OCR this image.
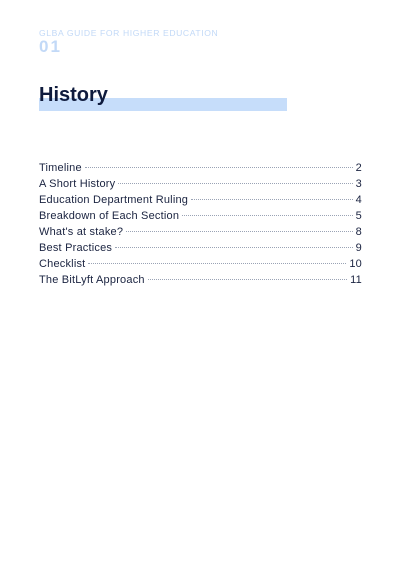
GLBA GUIDE FOR HIGHER EDUCATION
01
History
Timeline	2
A Short History	3
Education Department Ruling	4
Breakdown of Each Section	5
What's at stake?	8
Best Practices	9
Checklist	10
The BitLyft Approach	11
